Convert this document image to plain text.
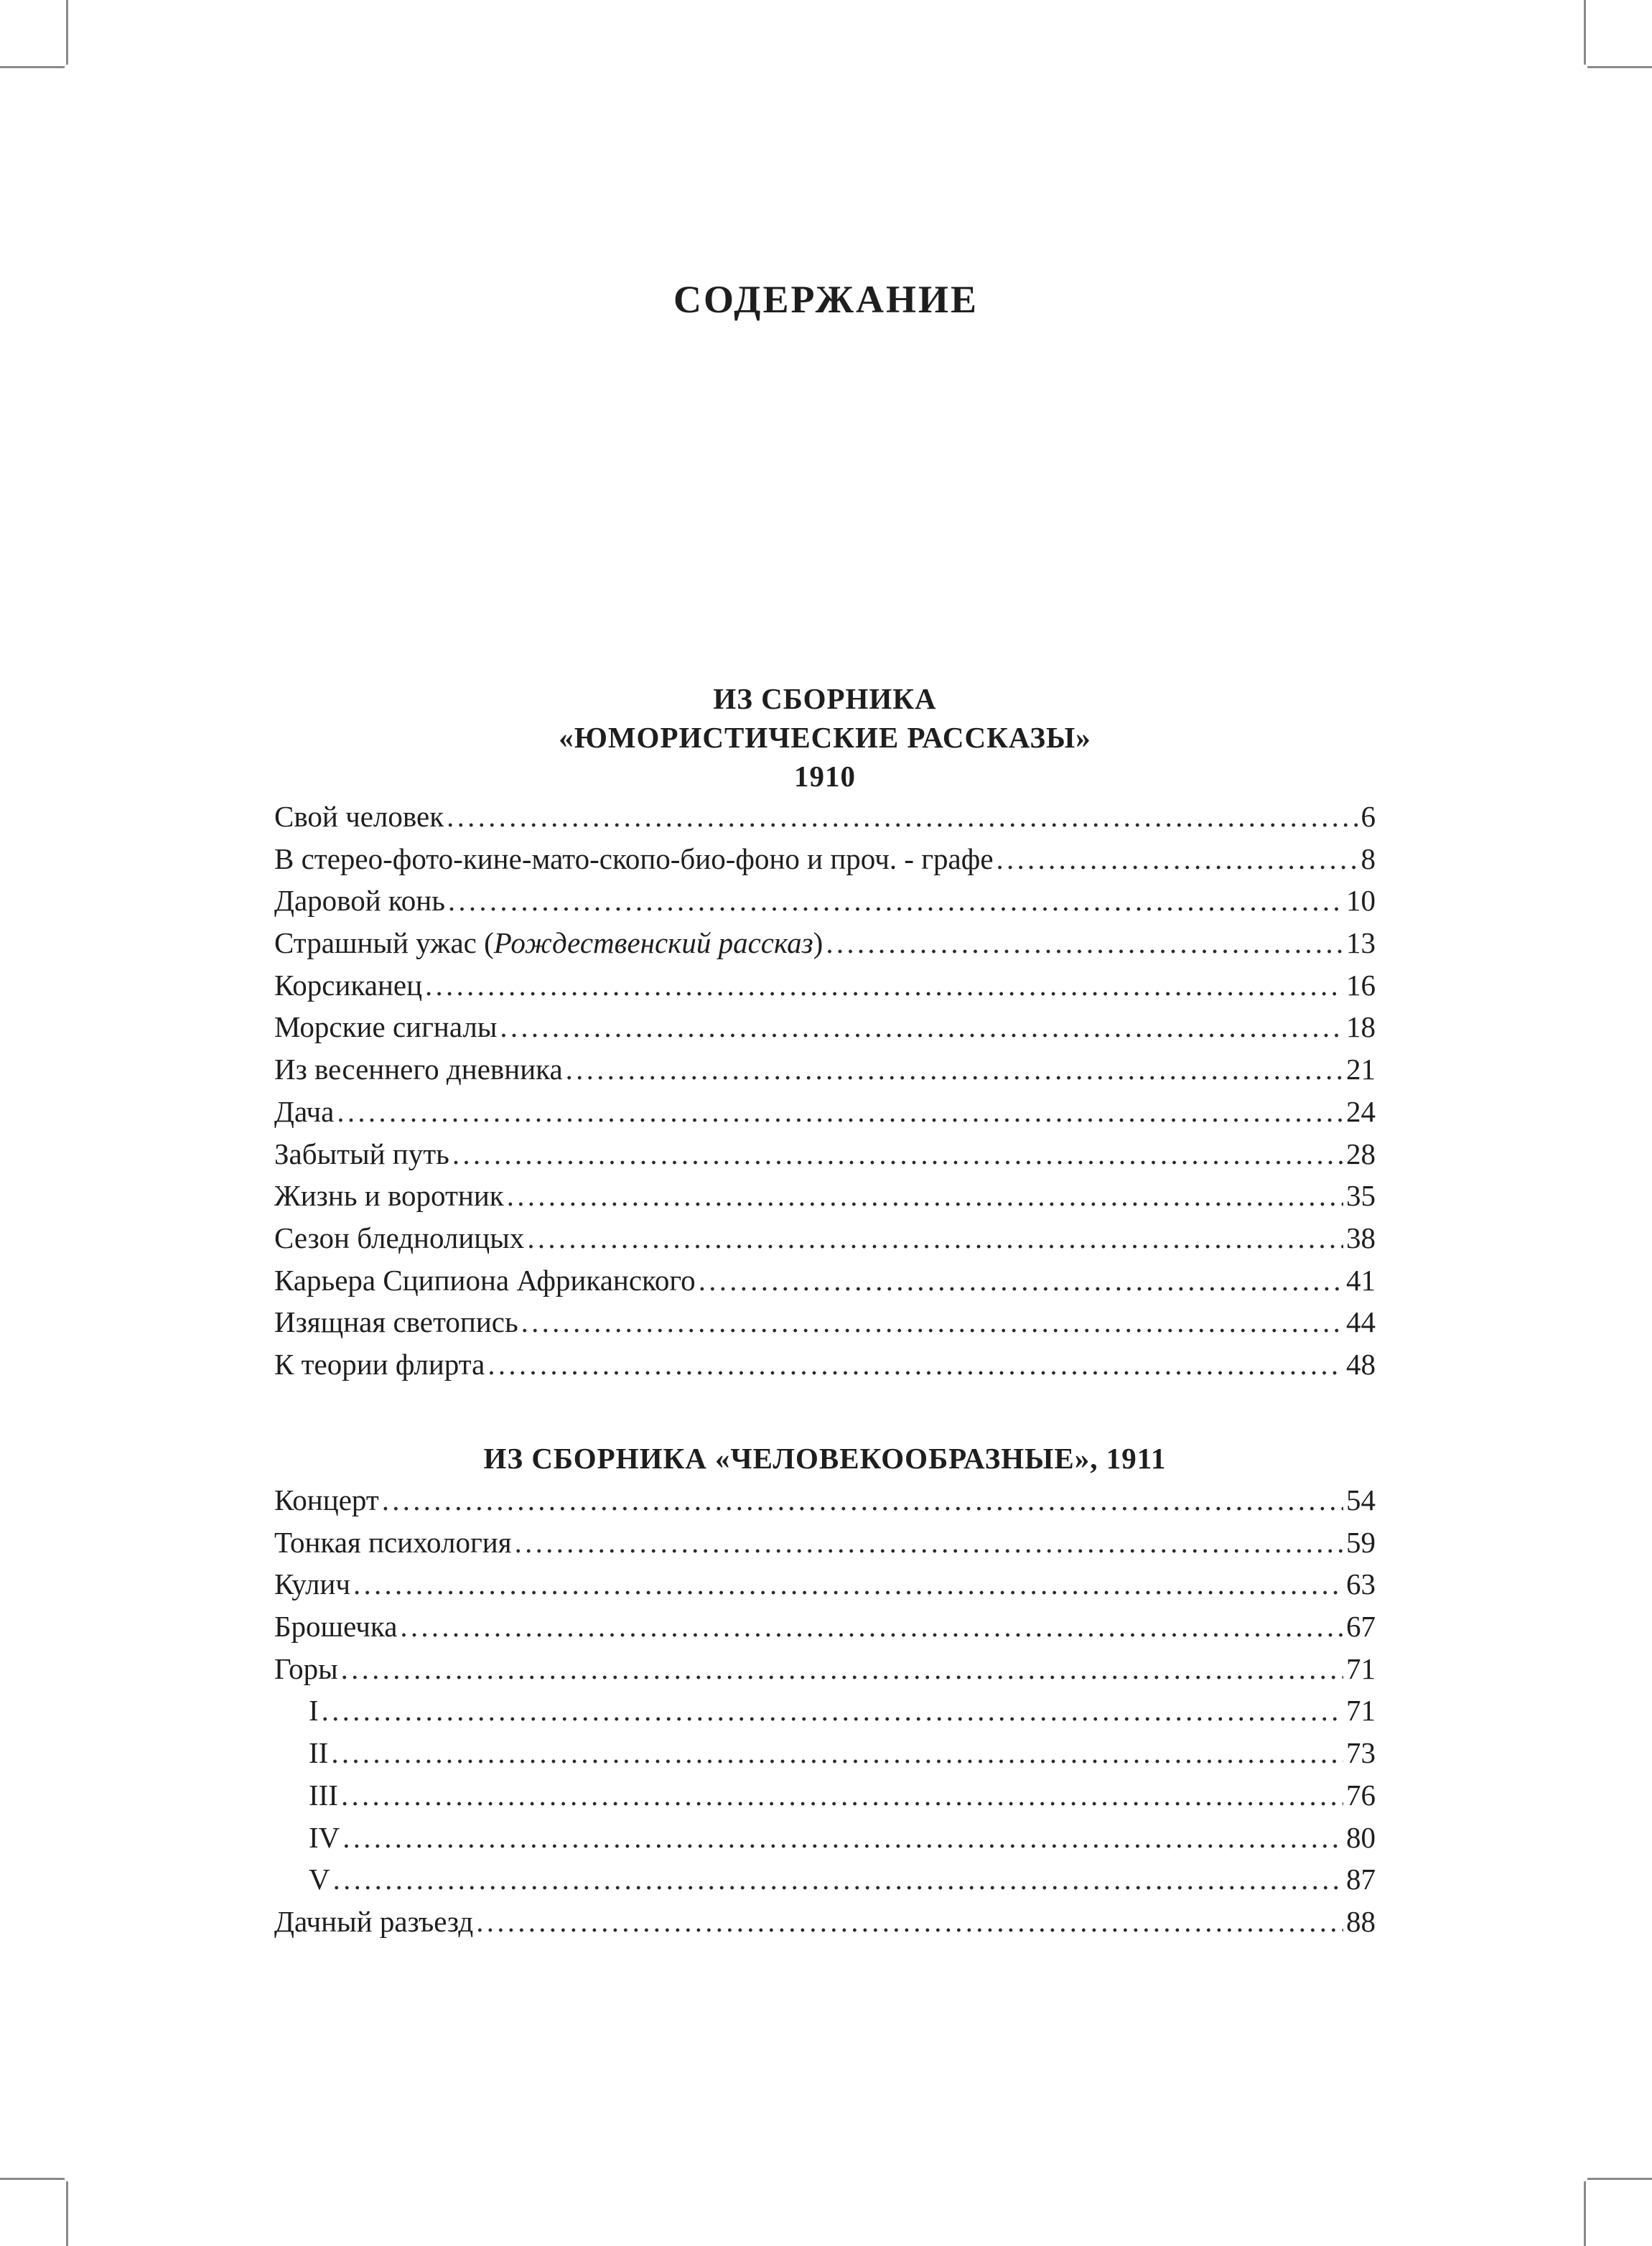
СОДЕРЖАНИЕ
ИЗ СБОРНИКА
«ЮМОРИСТИЧЕСКИЕ РАССКАЗЫ»
1910
Свой человек . . .	6
В стерео-фото-кине-мато-скопо-био-фоно и проч. - графе . . .	8
Даровой конь . . .	10
Страшный ужас (Рождественский рассказ) . . .	13
Корсиканец . . .	16
Морские сигналы . . .	18
Из весеннего дневника . . .	21
Дача . . .	24
Забытый путь . . .	28
Жизнь и воротник . . .	35
Сезон бледнолицых . . .	38
Карьера Сципиона Африканского . . .	41
Изящная светопись . . .	44
К теории флирта . . .	48
ИЗ СБОРНИКА «ЧЕЛОВЕКООБРАЗНЫЕ», 1911
Концерт . . .	54
Тонкая психология . . .	59
Кулич . . .	63
Брошечка . . .	67
Горы . . .	71
I . . .	71
II . . .	73
III . . .	76
IV . . .	80
V . . .	87
Дачный разъезд . . .	88
